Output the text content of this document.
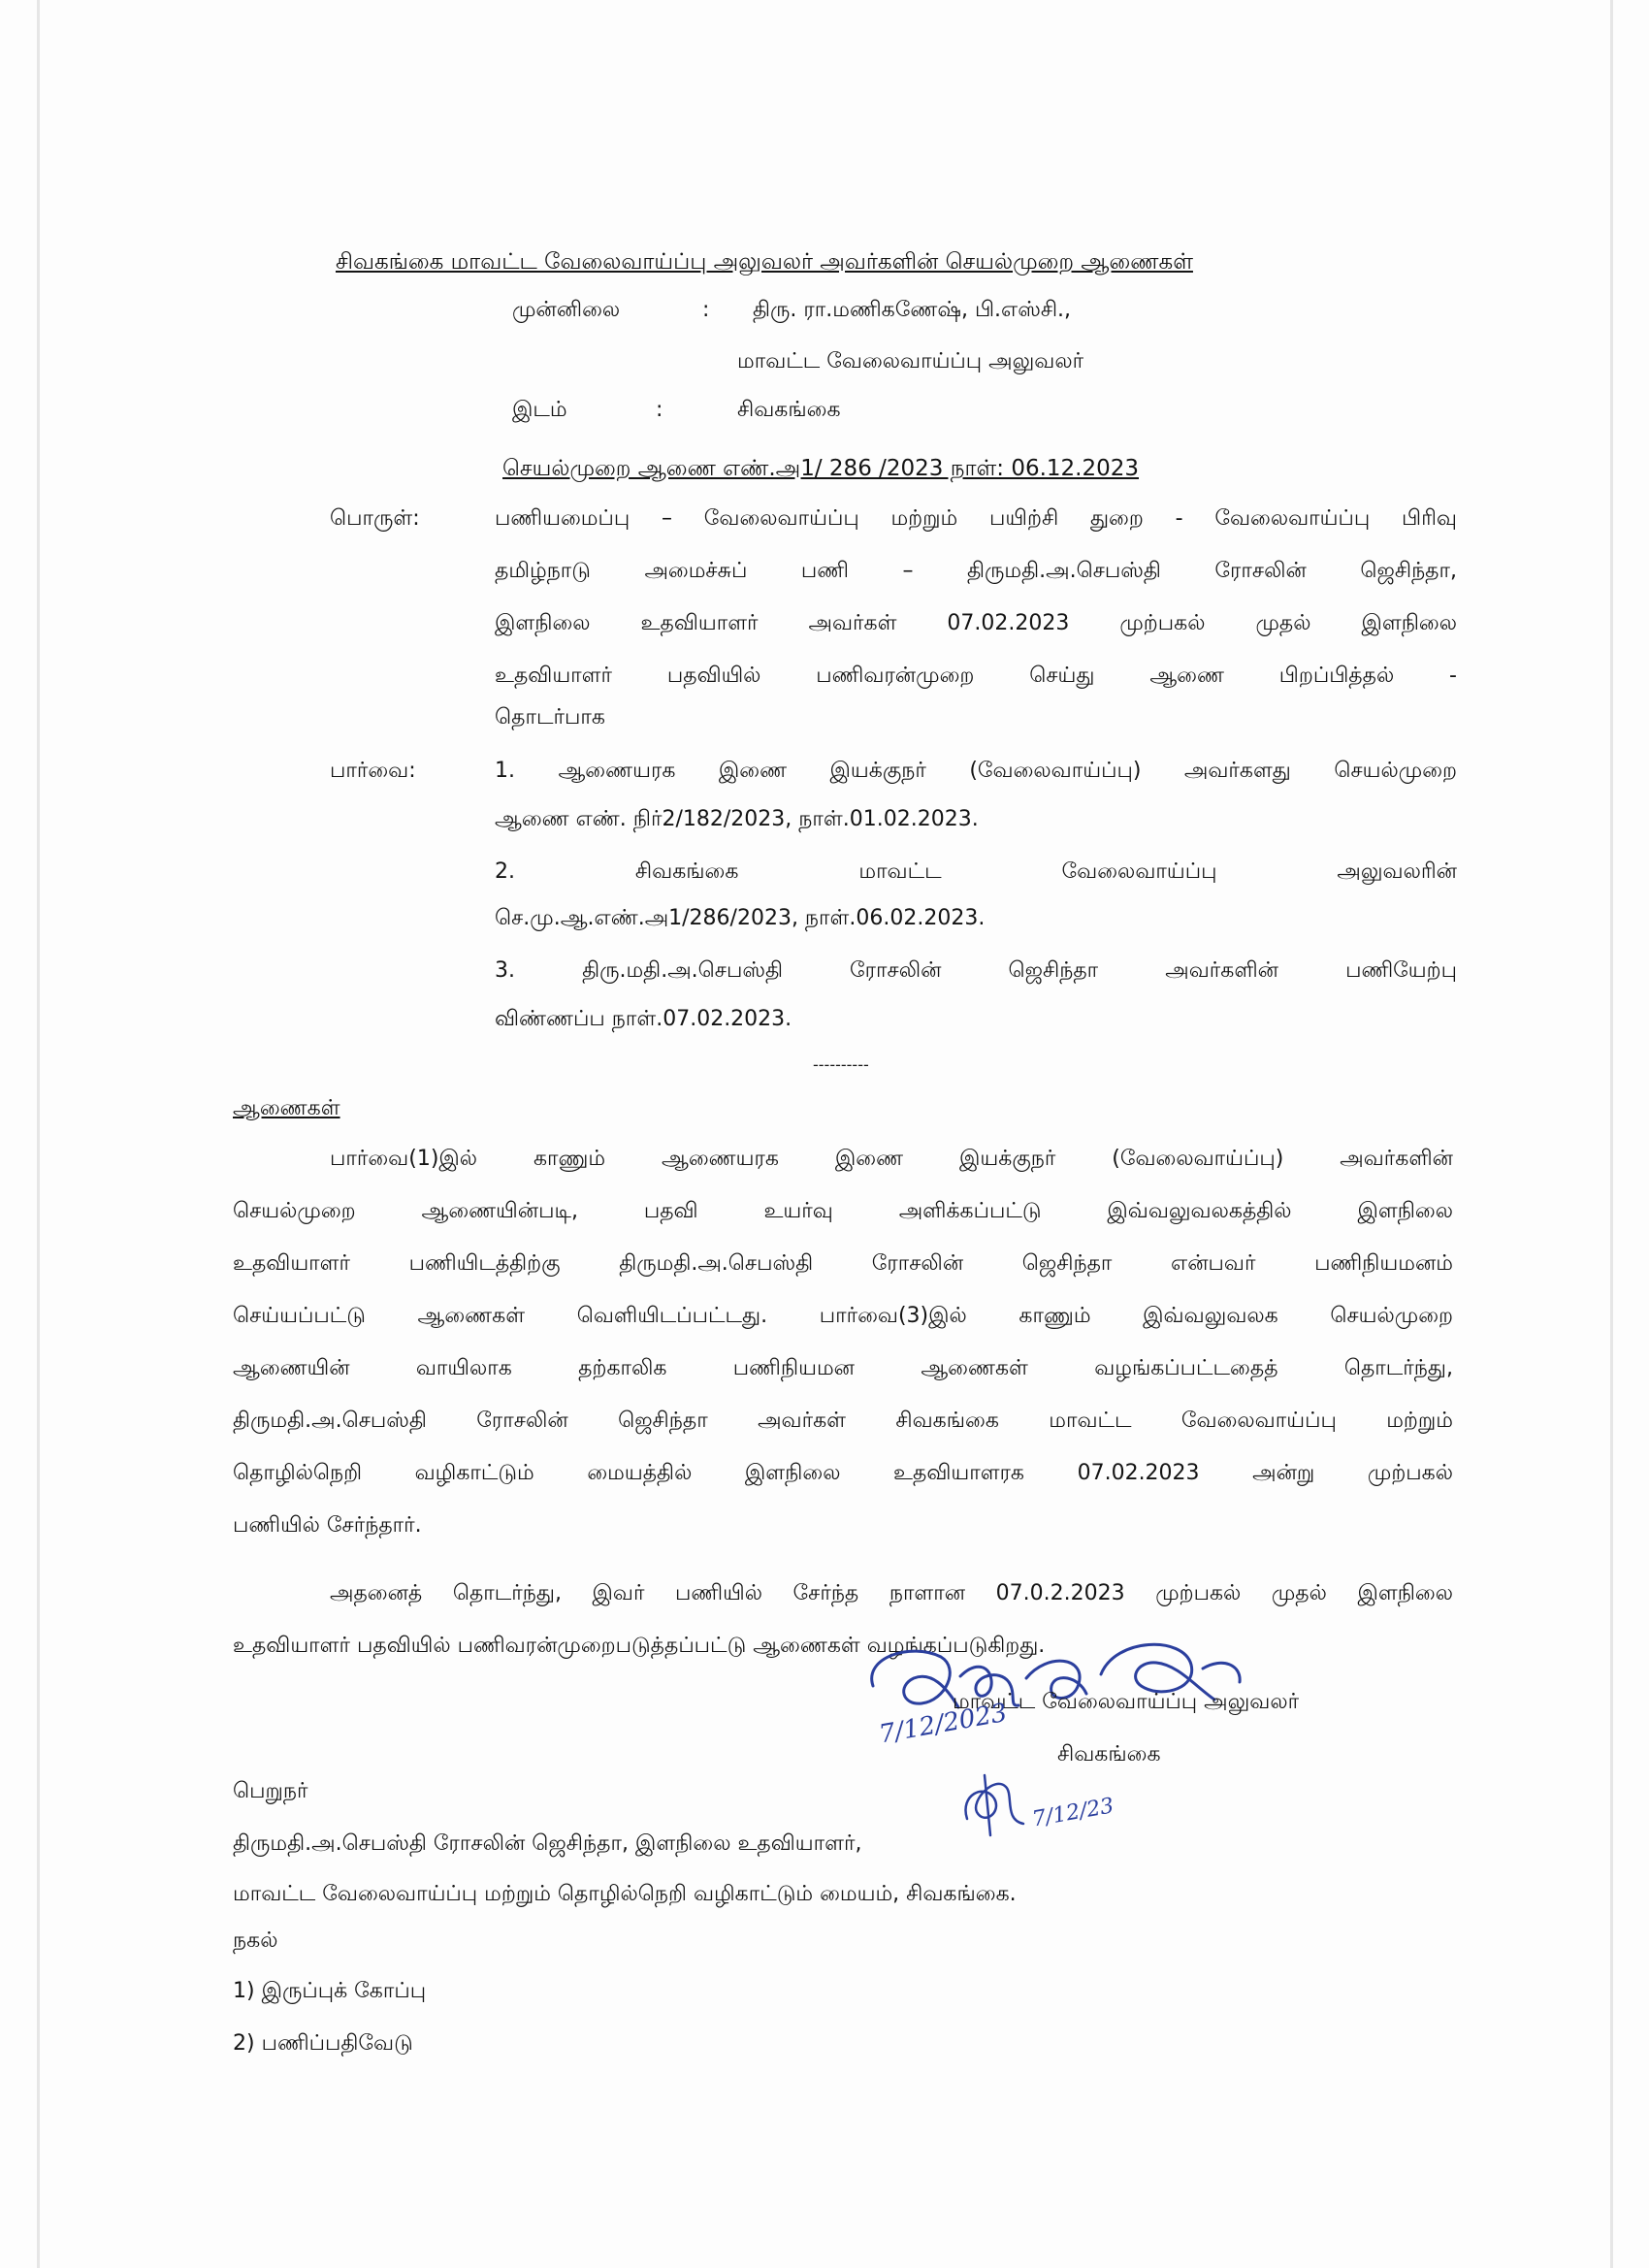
சிவகங்கை மாவட்ட வேலைவாய்ப்பு அலுவலர் அவர்களின் செயல்முறை ஆணைகள்
முன்னிலை	: திரு. ரா.மணிகணேஷ், பி.எஸ்சி.,
மாவட்ட வேலைவாய்ப்பு அலுவலர்
இடம்	:	சிவகங்கை
செயல்முறை ஆணை எண்.அ1/ 286 /2023 நாள்: 06.12.2023
பொருள்:	பணியமைப்பு – வேலைவாய்ப்பு மற்றும் பயிற்சி துறை - வேலைவாய்ப்பு பிரிவு
தமிழ்நாடு அமைச்சுப் பணி – திருமதி.அ.செபஸ்தி ரோசலின் ஜெசிந்தா,
இளநிலை உதவியாளர் அவர்கள் 07.02.2023 முற்பகல் முதல் இளநிலை
உதவியாளர் பதவியில் பணிவரன்முறை செய்து ஆணை பிறப்பித்தல் -
தொடர்பாக
பார்வை:	1. ஆணையரக இணை இயக்குநர் (வேலைவாய்ப்பு) அவர்களது செயல்முறை
ஆணை எண். நிர்2/182/2023, நாள்.01.02.2023.
2. சிவகங்கை மாவட்ட வேலைவாய்ப்பு அலுவலரின்
செ.மு.ஆ.எண்.அ1/286/2023, நாள்.06.02.2023.
3. திரு.மதி.அ.செபஸ்தி ரோசலின் ஜெசிந்தா அவர்களின் பணியேற்பு
விண்ணப்ப நாள்.07.02.2023.
----------
ஆணைகள்
பார்வை(1)இல் காணும் ஆணையரக இணை இயக்குநர் (வேலைவாய்ப்பு) அவர்களின்
செயல்முறை ஆணையின்படி, பதவி உயர்வு அளிக்கப்பட்டு இவ்வலுவலகத்தில் இளநிலை
உதவியாளர் பணியிடத்திற்கு திருமதி.அ.செபஸ்தி ரோசலின் ஜெசிந்தா என்பவர் பணிநியமனம்
செய்யப்பட்டு ஆணைகள் வெளியிடப்பட்டது. பார்வை(3)இல் காணும் இவ்வலுவலக செயல்முறை
ஆணையின் வாயிலாக தற்காலிக பணிநியமன ஆணைகள் வழங்கப்பட்டதைத் தொடர்ந்து,
திருமதி.அ.செபஸ்தி ரோசலின் ஜெசிந்தா அவர்கள் சிவகங்கை மாவட்ட வேலைவாய்ப்பு மற்றும்
தொழில்நெறி வழிகாட்டும் மையத்தில் இளநிலை உதவியாளரக 07.02.2023 அன்று முற்பகல்
பணியில் சேர்ந்தார்.
அதனைத் தொடர்ந்து, இவர் பணியில் சேர்ந்த நாளான 07.0.2.2023 முற்பகல் முதல் இளநிலை
உதவியாளர் பதவியில் பணிவரன்முறைபடுத்தப்பட்டு ஆணைகள் வழங்கப்படுகிறது.
மாவட்ட வேலைவாய்ப்பு அலுவலர்
7/12/2023
சிவகங்கை
7/12/23
பெறுநர்
திருமதி.அ.செபஸ்தி ரோசலின் ஜெசிந்தா, இளநிலை உதவியாளர்,
மாவட்ட வேலைவாய்ப்பு மற்றும் தொழில்நெறி வழிகாட்டும் மையம், சிவகங்கை.
நகல்
1) இருப்புக் கோப்பு
2) பணிப்பதிவேடு
